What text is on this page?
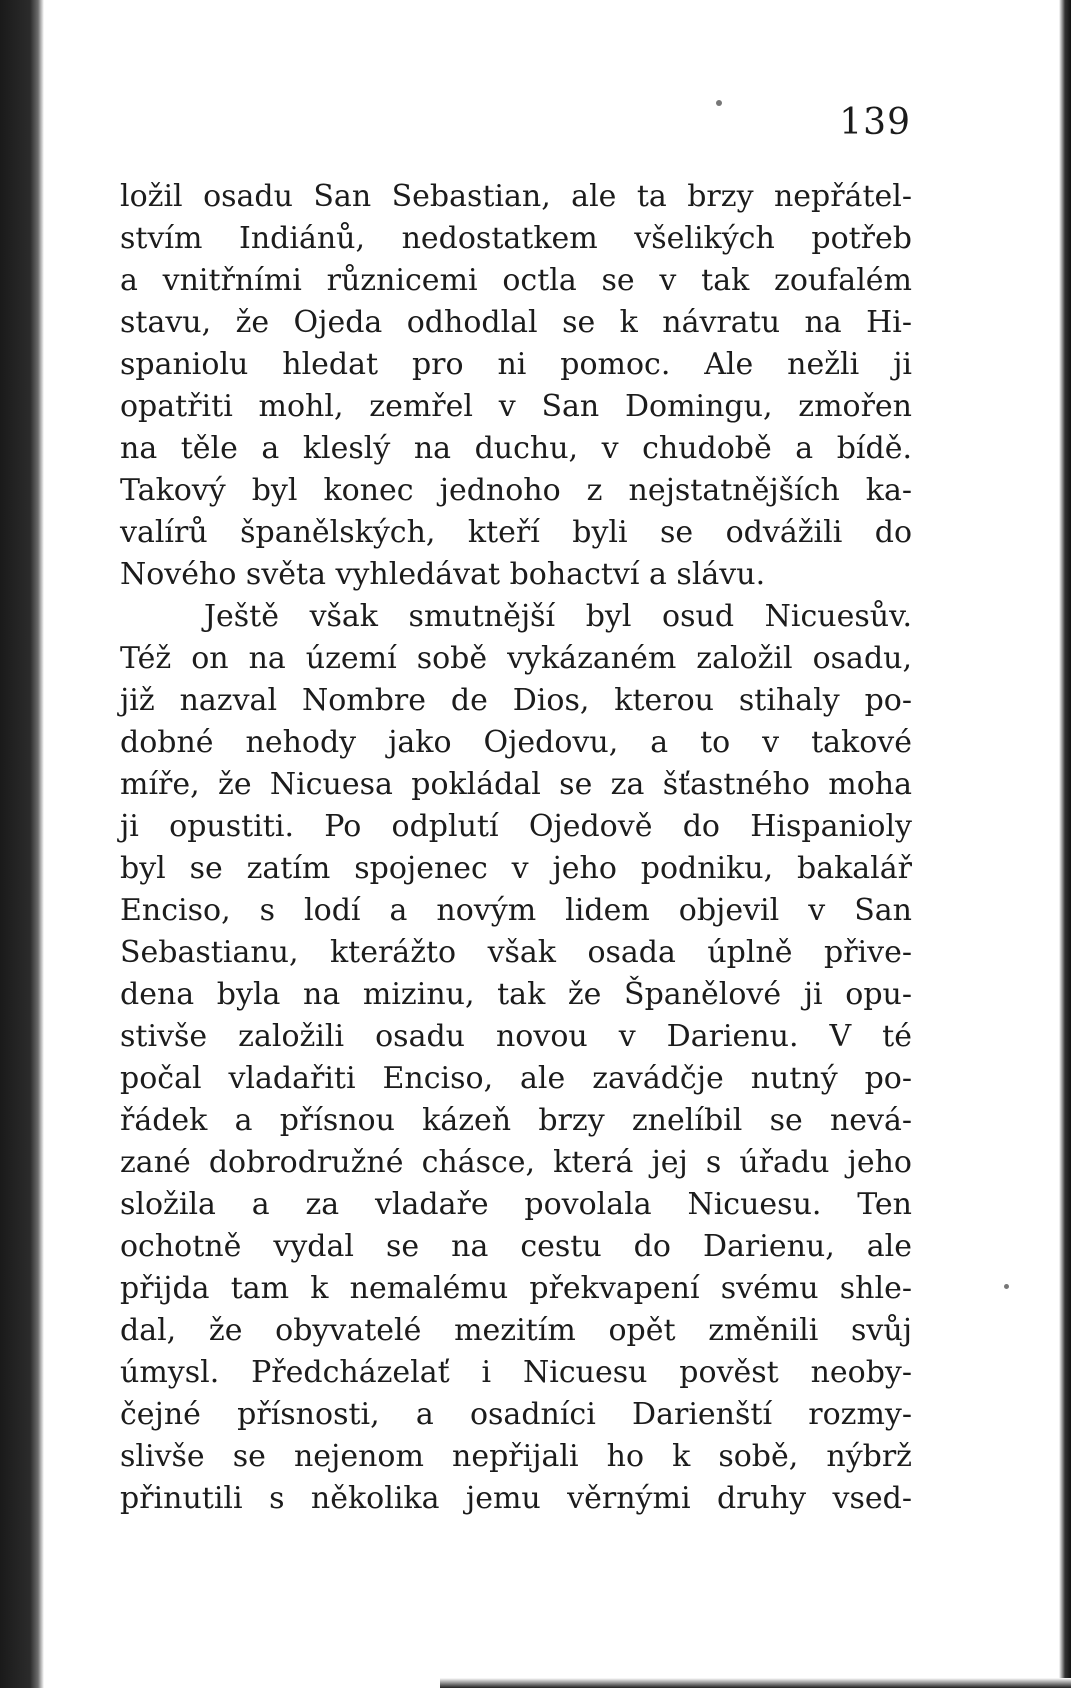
139
ložil osadu San Sebastian, ale ta brzy nepřátel-
stvím Indiánů, nedostatkem všelikých potřeb
a vnitřními různicemi octla se v tak zoufalém
stavu, že Ojeda odhodlal se k návratu na Hi-
spaniolu hledat pro ni pomoc. Ale nežli ji
opatřiti mohl, zemřel v San Domingu, zmořen
na těle a kleslý na duchu, v chudobě a bídě.
Takový byl konec jednoho z nejstatnějších ka-
valírů španělských, kteří byli se odvážili do
Nového světa vyhledávat bohactví a slávu.
Ještě však smutnější byl osud Nicuesův.
Též on na území sobě vykázaném založil osadu,
již nazval Nombre de Dios, kterou stihaly po-
dobné nehody jako Ojedovu, a to v takové
míře, že Nicuesa pokládal se za šťastného moha
ji opustiti. Po odplutí Ojedově do Hispanioly
byl se zatím spojenec v jeho podniku, bakalář
Enciso, s lodí a novým lidem objevil v San
Sebastianu, kterážto však osada úplně přive-
dena byla na mizinu, tak že Španělové ji opu-
stivše založili osadu novou v Darienu. V té
počal vladařiti Enciso, ale zavádčje nutný po-
řádek a přísnou kázeň brzy znelíbil se nevá-
zané dobrodružné chásce, která jej s úřadu jeho
složila a za vladaře povolala Nicuesu. Ten
ochotně vydal se na cestu do Darienu, ale
přijda tam k nemalému překvapení svému shle-
dal, že obyvatelé mezitím opět změnili svůj
úmysl. Předcházelať i Nicuesu pověst neoby-
čejné přísnosti, a osadníci Darienští rozmy-
slivše se nejenom nepřijali ho k sobě, nýbrž
přinutili s několika jemu věrnými druhy vsed-
